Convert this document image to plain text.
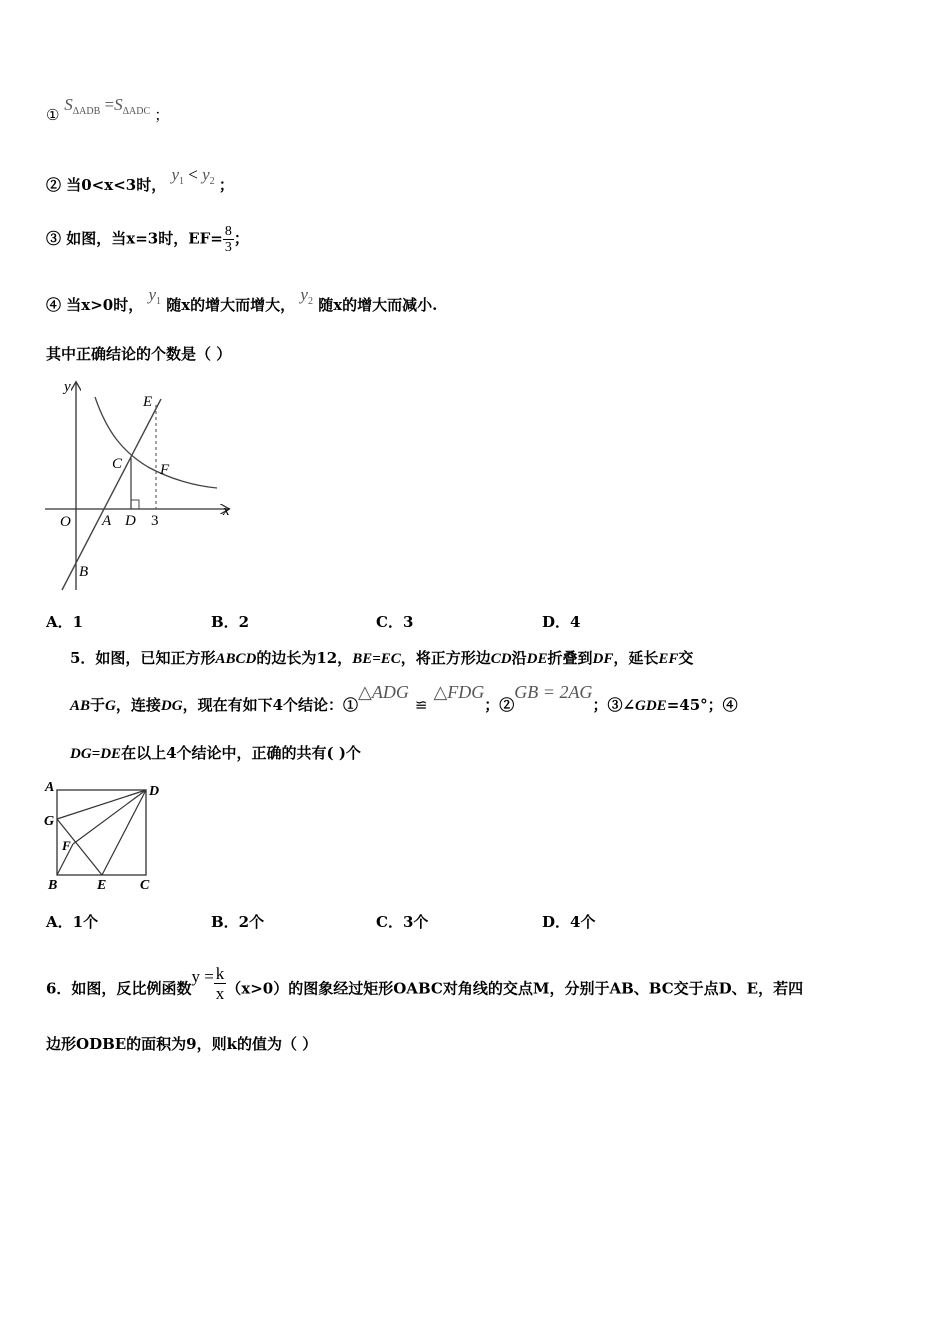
① $S_{\Delta ADB} =S_{\Delta ADC}$ ；
② 当0<x<3时， $y_1 < y_2$ ；
③ 如图，当x=3时，$EF= \frac{8}{3}$ ；
④ 当x>0时， $y_1$ 随x的增大而增大， $y_2$ 随x的增大而减小.
其中正确结论的个数是（ ）
y
x
E
C	F
O A D 3
B
A．1	B．2	C．3	D．4
5．如图，已知正方形ABCD的边长为12，BE=EC，将正方形边CD沿DE折叠到DF，延长EF交
AB于G，连接DG，现在有如下4个结论：①△ADG≌△FDG；②GB = 2AG；③∠GDE=45°；④
DG=DE在以上4个结论中，正确的共有( )个
A	D
G
F
B	E C
A．1个	B．2个	C．3个	D．4个
6．如图，反比例函数$y = \frac{k}{x} (x>0)$的图象经过矩形OABC对角线的交点M，分别于AB、BC交于点D、E，若四
边形ODBE的面积为9，则k的值为（ ）
